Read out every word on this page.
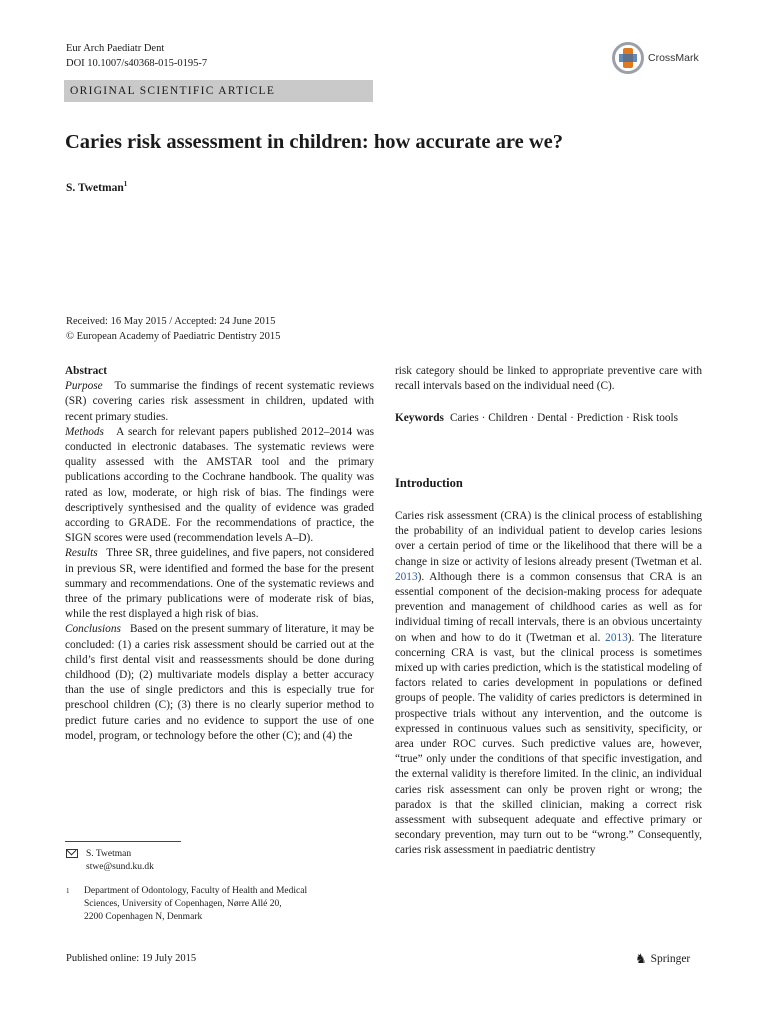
Eur Arch Paediatr Dent
DOI 10.1007/s40368-015-0195-7	CrossMark
ORIGINAL SCIENTIFIC ARTICLE
Caries risk assessment in children: how accurate are we?
S. Twetman$^1$
Received: 16 May 2015 / Accepted: 24 June 2015
© European Academy of Paediatric Dentistry 2015

Abstract

Purpose To summarise the findings of recent systematic reviews (SR) covering caries risk assessment in children, updated with recent primary studies.

Methods A search for relevant papers published 2012–2014 was conducted in electronic databases. The systematic reviews were quality assessed with the AMSTAR tool and the primary publications according to the Cochrane handbook. The quality was rated as low, moderate, or high risk of bias. The findings were descriptively synthesised and the quality of evidence was graded according to GRADE. For the recommendations of practice, the SIGN scores were used (recommendation levels A–D).

Results Three SR, three guidelines, and five papers, not considered in previous SR, were identified and formed the base for the present summary and recommendations. One of the systematic reviews and three of the primary publications were of moderate risk of bias, while the rest displayed a high risk of bias.

Conclusions Based on the present summary of literature, it may be concluded: (1) a caries risk assessment should be carried out at the child’s first dental visit and reassessments should be done during childhood (D); (2) multivariate models display a better accuracy than the use of single predictors and this is especially true for preschool children (C); (3) there is no clearly superior method to predict future caries and no evidence to support the use of one model, program, or technology before the other (C); and (4) the

risk category should be linked to appropriate preventive care with recall intervals based on the individual need (C).
Keywords Caries · Children · Dental · Prediction · Risk tools
Introduction
Caries risk assessment (CRA) is the clinical process of establishing the probability of an individual patient to develop caries lesions over a certain period of time or the likelihood that there will be a change in size or activity of lesions already present (Twetman et al. 2013). Although there is a common consensus that CRA is an essential component of the decision-making process for adequate prevention and management of childhood caries as well as for individual timing of recall intervals, there is an obvious uncertainty on when and how to do it (Twetman et al. 2013). The literature concerning CRA is vast, but the clinical process is sometimes mixed up with caries prediction, which is the statistical modeling of factors related to caries development in populations or defined groups of people. The validity of caries predictors is determined in prospective trials without any intervention, and the outcome is expressed in continuous values such as sensitivity, specificity, or area under ROC curves. Such predictive values are, however, “true” only under the conditions of that specific investigation, and the external validity is therefore limited. In the clinic, an individual caries risk assessment can only be proven right or wrong; the paradox is that the skilled clinician, making a correct risk assessment with subsequent adequate and effective primary or secondary prevention, may turn out to be “wrong.” Consequently, caries risk assessment in paediatric dentistry
S. Twetman
stwe@sund.ku.dk
1	Department of Odontology, Faculty of Health and Medical
Sciences, University of Copenhagen, Nørre Allé 20,
2200 Copenhagen N, Denmark
Published online: 19 July 2015	♞ Springer
